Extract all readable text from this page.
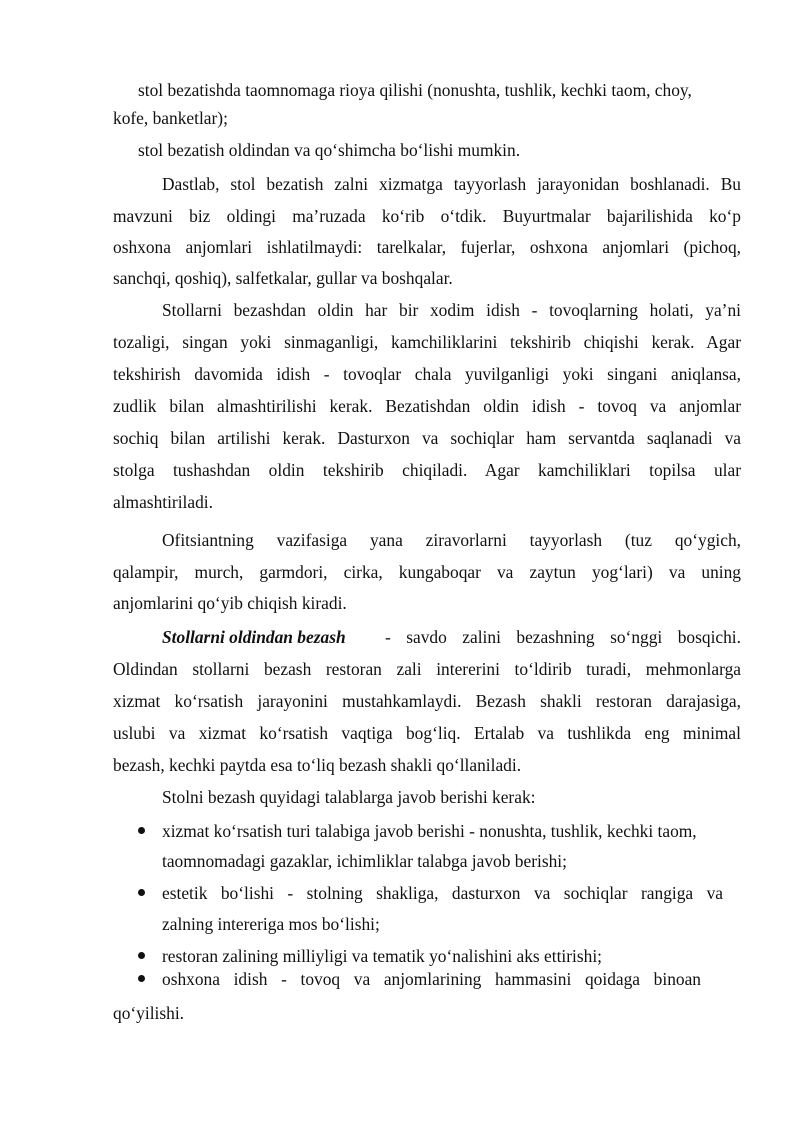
stol bezatishda taomnomaga rioya qilishi (nonushta, tushlik, kechki taom, choy,
kofe, banketlar);
stol bezatish oldindan va qo‘shimcha bo‘lishi mumkin.
Dastlab, stol bezatish zalni xizmatga tayyorlash jarayonidan boshlanadi. Bu
mavzuni biz oldingi ma’ruzada ko‘rib o‘tdik. Buyurtmalar bajarilishida ko‘p
oshxona anjomlari ishlatilmaydi: tarelkalar, fujerlar, oshxona anjomlari (pichoq,
sanchqi, qoshiq), salfetkalar, gullar va boshqalar.
Stollarni bezashdan oldin har bir xodim idish - tovoqlarning holati, ya’ni
tozaligi, singan yoki sinmaganligi, kamchiliklarini tekshirib chiqishi kerak. Agar
tekshirish davomida idish - tovoqlar chala yuvilganligi yoki singani aniqlansa,
zudlik bilan almashtirilishi kerak. Bezatishdan oldin idish - tovoq va anjomlar
sochiq bilan artilishi kerak. Dasturxon va sochiqlar ham servantda saqlanadi va
stolga tushashdan oldin tekshirib chiqiladi. Agar kamchiliklari topilsa ular
almashtiriladi.
Ofitsiantning vazifasiga yana ziravorlarni tayyorlash (tuz qo‘ygich,
qalampir, murch, garmdori, cirka, kungaboqar va zaytun yog‘lari) va uning
anjomlarini qo‘yib chiqish kiradi.
Stollarni oldindan bezash - savdo zalini bezashning so‘nggi bosqichi.
Oldindan stollarni bezash restoran zali intererini to‘ldirib turadi, mehmonlarga
xizmat ko‘rsatish jarayonini mustahkamlaydi. Bezash shakli restoran darajasiga,
uslubi va xizmat ko‘rsatish vaqtiga bog‘liq. Ertalab va tushlikda eng minimal
bezash, kechki paytda esa to‘liq bezash shakli qo‘llaniladi.
Stolni bezash quyidagi talablarga javob berishi kerak:
xizmat ko‘rsatish turi talabiga javob berishi - nonushta, tushlik, kechki taom,
taomnomadagi gazaklar, ichimliklar talabga javob berishi;
estetik bo‘lishi - stolning shakliga, dasturxon va sochiqlar rangiga va
zalning intereriga mos bo‘lishi;
restoran zalining milliyligi va tematik yo‘nalishini aks ettirishi;
oshxona idish - tovoq va anjomlarining hammasini qoidaga binoan
qo‘yilishi.
